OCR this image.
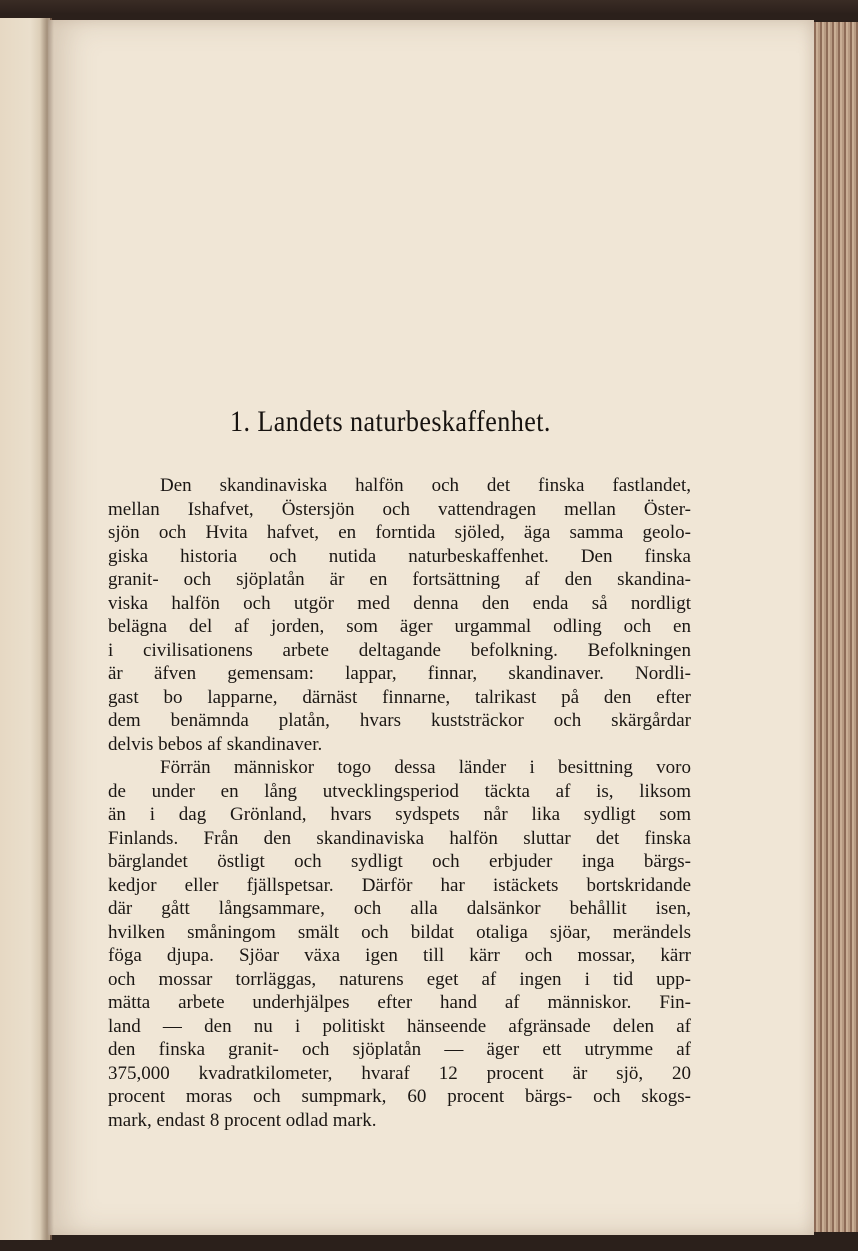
1. Landets naturbeskaffenhet.
Den skandinaviska halfön och det finska fastlandet,
mellan Ishafvet, Östersjön och vattendragen mellan Öster-
sjön och Hvita hafvet, en forntida sjöled, äga samma geolo-
giska historia och nutida naturbeskaffenhet. Den finska
granit- och sjöplatån är en fortsättning af den skandina-
viska halfön och utgör med denna den enda så nordligt
belägna del af jorden, som äger urgammal odling och en
i civilisationens arbete deltagande befolkning. Befolkningen
är äfven gemensam: lappar, finnar, skandinaver. Nordli-
gast bo lapparne, därnäst finnarne, talrikast på den efter
dem benämnda platån, hvars kuststräckor och skärgårdar
delvis bebos af skandinaver.
Förrän människor togo dessa länder i besittning voro
de under en lång utvecklingsperiod täckta af is, liksom
än i dag Grönland, hvars sydspets når lika sydligt som
Finlands. Från den skandinaviska halfön sluttar det finska
bärglandet östligt och sydligt och erbjuder inga bärgs-
kedjor eller fjällspetsar. Därför har istäckets bortskridande
där gått långsammare, och alla dalsänkor behållit isen,
hvilken småningom smält och bildat otaliga sjöar, merändels
föga djupa. Sjöar växa igen till kärr och mossar, kärr
och mossar torrläggas, naturens eget af ingen i tid upp-
mätta arbete underhjälpes efter hand af människor. Fin-
land — den nu i politiskt hänseende afgränsade delen af
den finska granit- och sjöplatån — äger ett utrymme af
375,000 kvadratkilometer, hvaraf 12 procent är sjö, 20
procent moras och sumpmark, 60 procent bärgs- och skogs-
mark, endast 8 procent odlad mark.
